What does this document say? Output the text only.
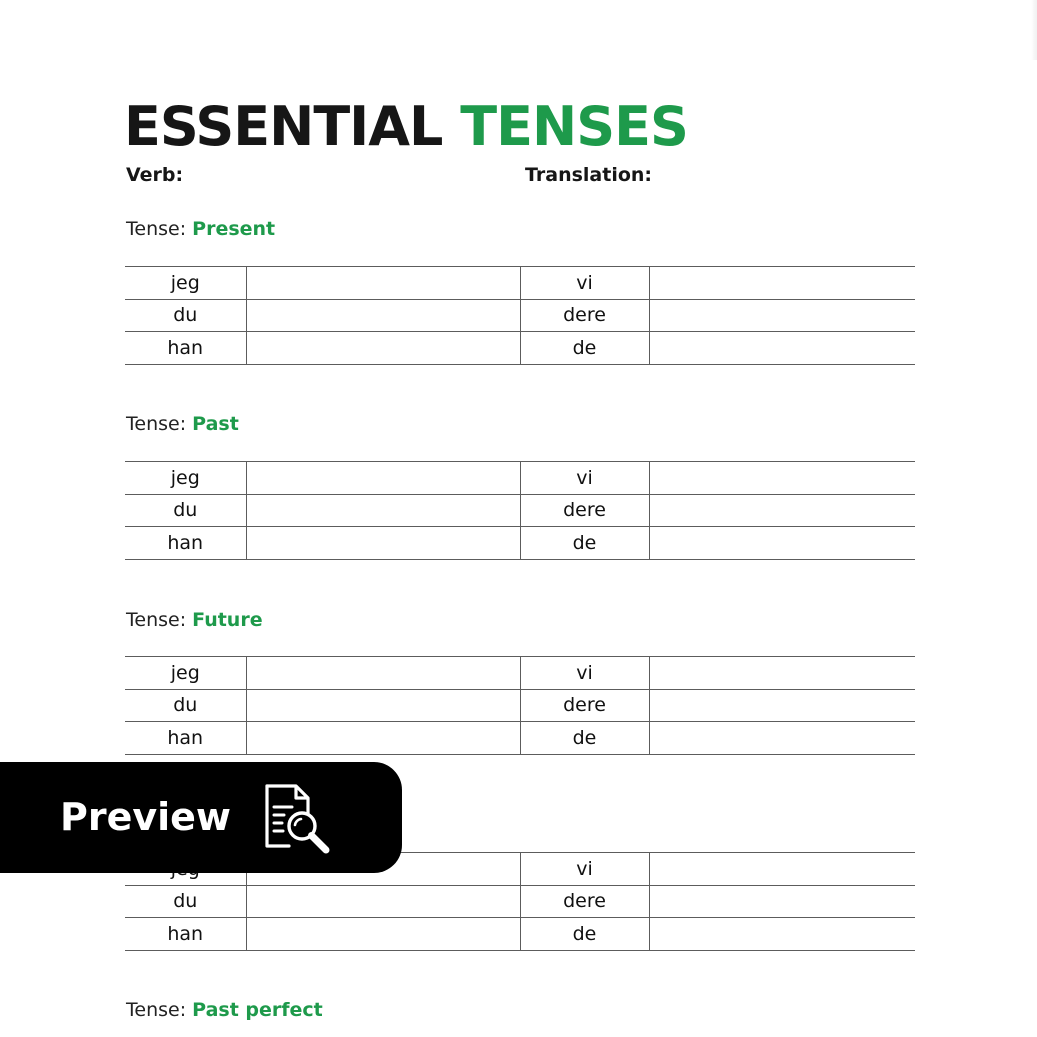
ESSENTIAL TENSES
Verb:	Translation:
Tense: Present
jeg		vi	
du		dere	
han		de	
Tense: Past
jeg		vi	
du		dere	
han		de	
Tense: Future
jeg		vi	
du		dere	
han		de	
		vi	
du		dere	
han		de	
Tense: Past perfect
Preview
